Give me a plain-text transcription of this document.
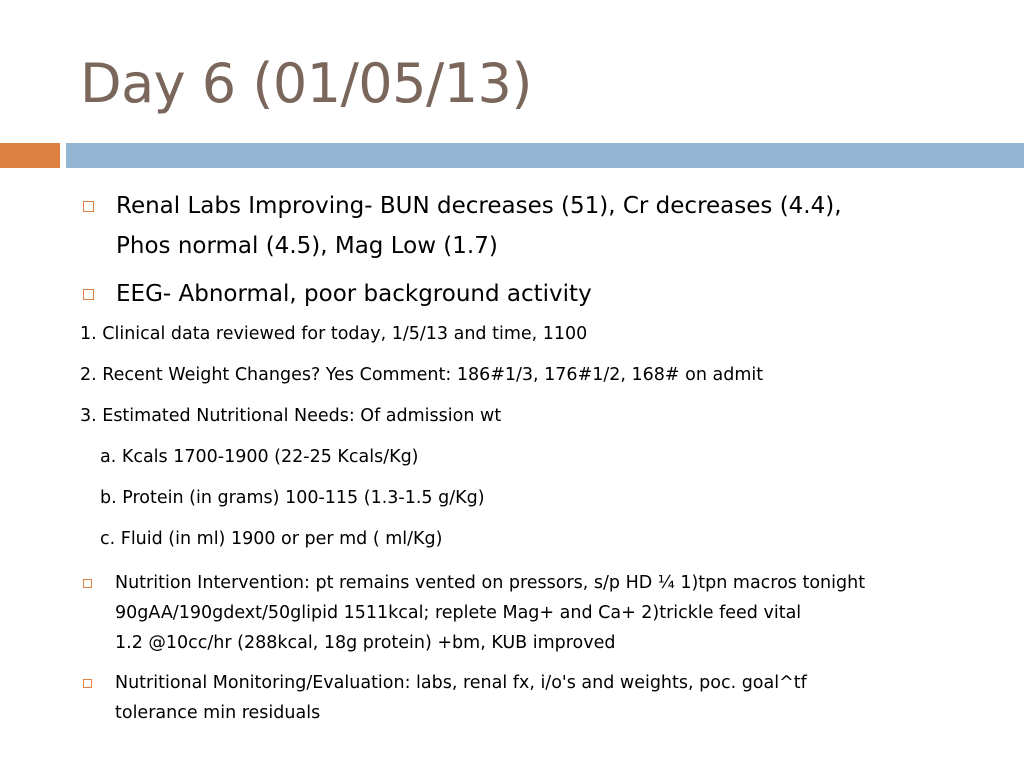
Day 6 (01/05/13)
Renal Labs Improving- BUN decreases (51), Cr decreases (4.4),
Phos normal (4.5), Mag Low (1.7)
EEG- Abnormal, poor background activity
1. Clinical data reviewed for today, 1/5/13 and time, 1100
2. Recent Weight Changes? Yes Comment: 186#1/3, 176#1/2, 168# on admit
3. Estimated Nutritional Needs: Of admission wt
a. Kcals 1700-1900 (22-25 Kcals/Kg)
b. Protein (in grams) 100-115 (1.3-1.5 g/Kg)
c. Fluid (in ml) 1900 or per md ( ml/Kg)
Nutrition Intervention: pt remains vented on pressors, s/p HD ¼ 1)tpn macros tonight
90gAA/190gdext/50glipid 1511kcal; replete Mag+ and Ca+ 2)trickle feed vital
1.2 @10cc/hr (288kcal, 18g protein) +bm, KUB improved
Nutritional Monitoring/Evaluation: labs, renal fx, i/o's and weights, poc. goal^tf
tolerance min residuals
